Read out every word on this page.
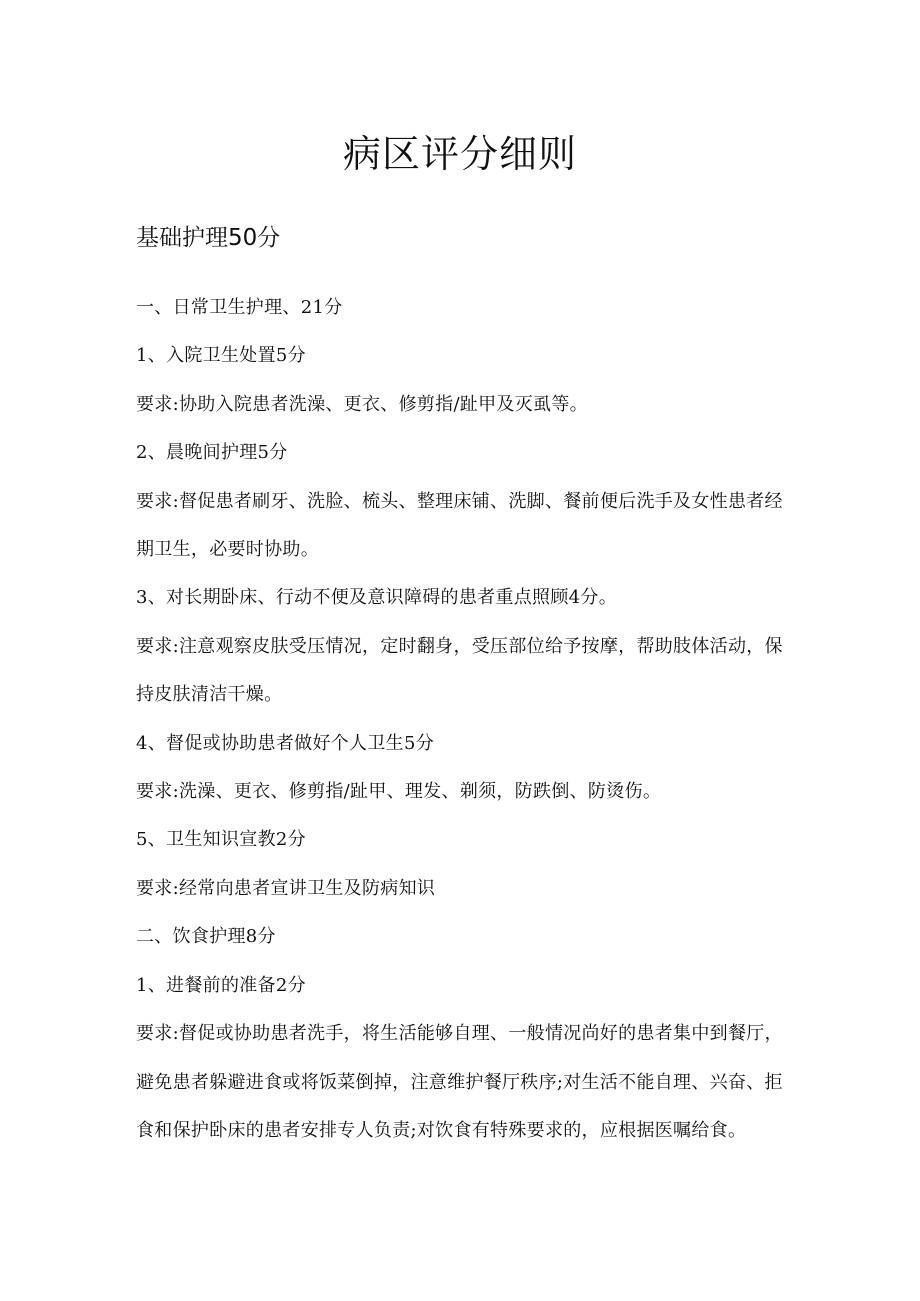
病区评分细则
基础护理50分

一、日常卫生护理、21分

1、入院卫生处置5分

要求:协助入院患者洗澡、更衣、修剪指/趾甲及灭虱等。

2、晨晚间护理5分

要求:督促患者刷牙、洗脸、梳头、整理床铺、洗脚、餐前便后洗手及女性患者经期卫生，必要时协助。

3、对长期卧床、行动不便及意识障碍的患者重点照顾4分。

要求:注意观察皮肤受压情况，定时翻身，受压部位给予按摩，帮助肢体活动，保持皮肤清洁干燥。

4、督促或协助患者做好个人卫生5分

要求:洗澡、更衣、修剪指/趾甲、理发、剃须，防跌倒、防烫伤。

5、卫生知识宣教2分

要求:经常向患者宣讲卫生及防病知识

二、饮食护理8分

1、进餐前的准备2分

要求:督促或协助患者洗手，将生活能够自理、一般情况尚好的患者集中到餐厅，避免患者躲避进食或将饭菜倒掉，注意维护餐厅秩序;对生活不能自理、兴奋、拒食和保护卧床的患者安排专人负责;对饮食有特殊要求的，应根据医嘱给食。
